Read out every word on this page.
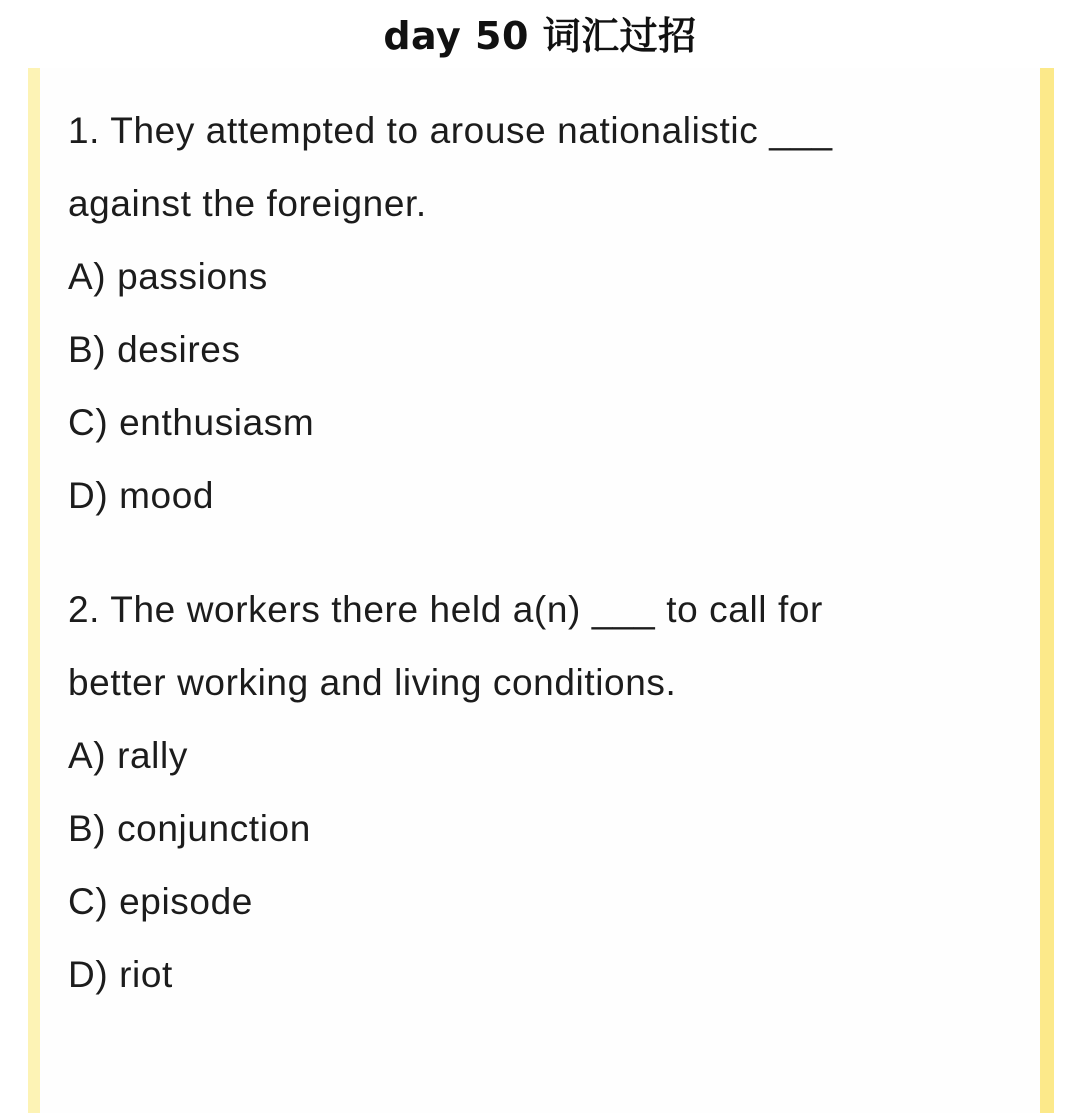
day 50 词汇过招
1. They attempted to arouse nationalistic ___
against the foreigner.
A) passions
B) desires
C) enthusiasm
D) mood
2. The workers there held a(n) ___ to call for
better working and living conditions.
A) rally
B) conjunction
C) episode
D) riot
